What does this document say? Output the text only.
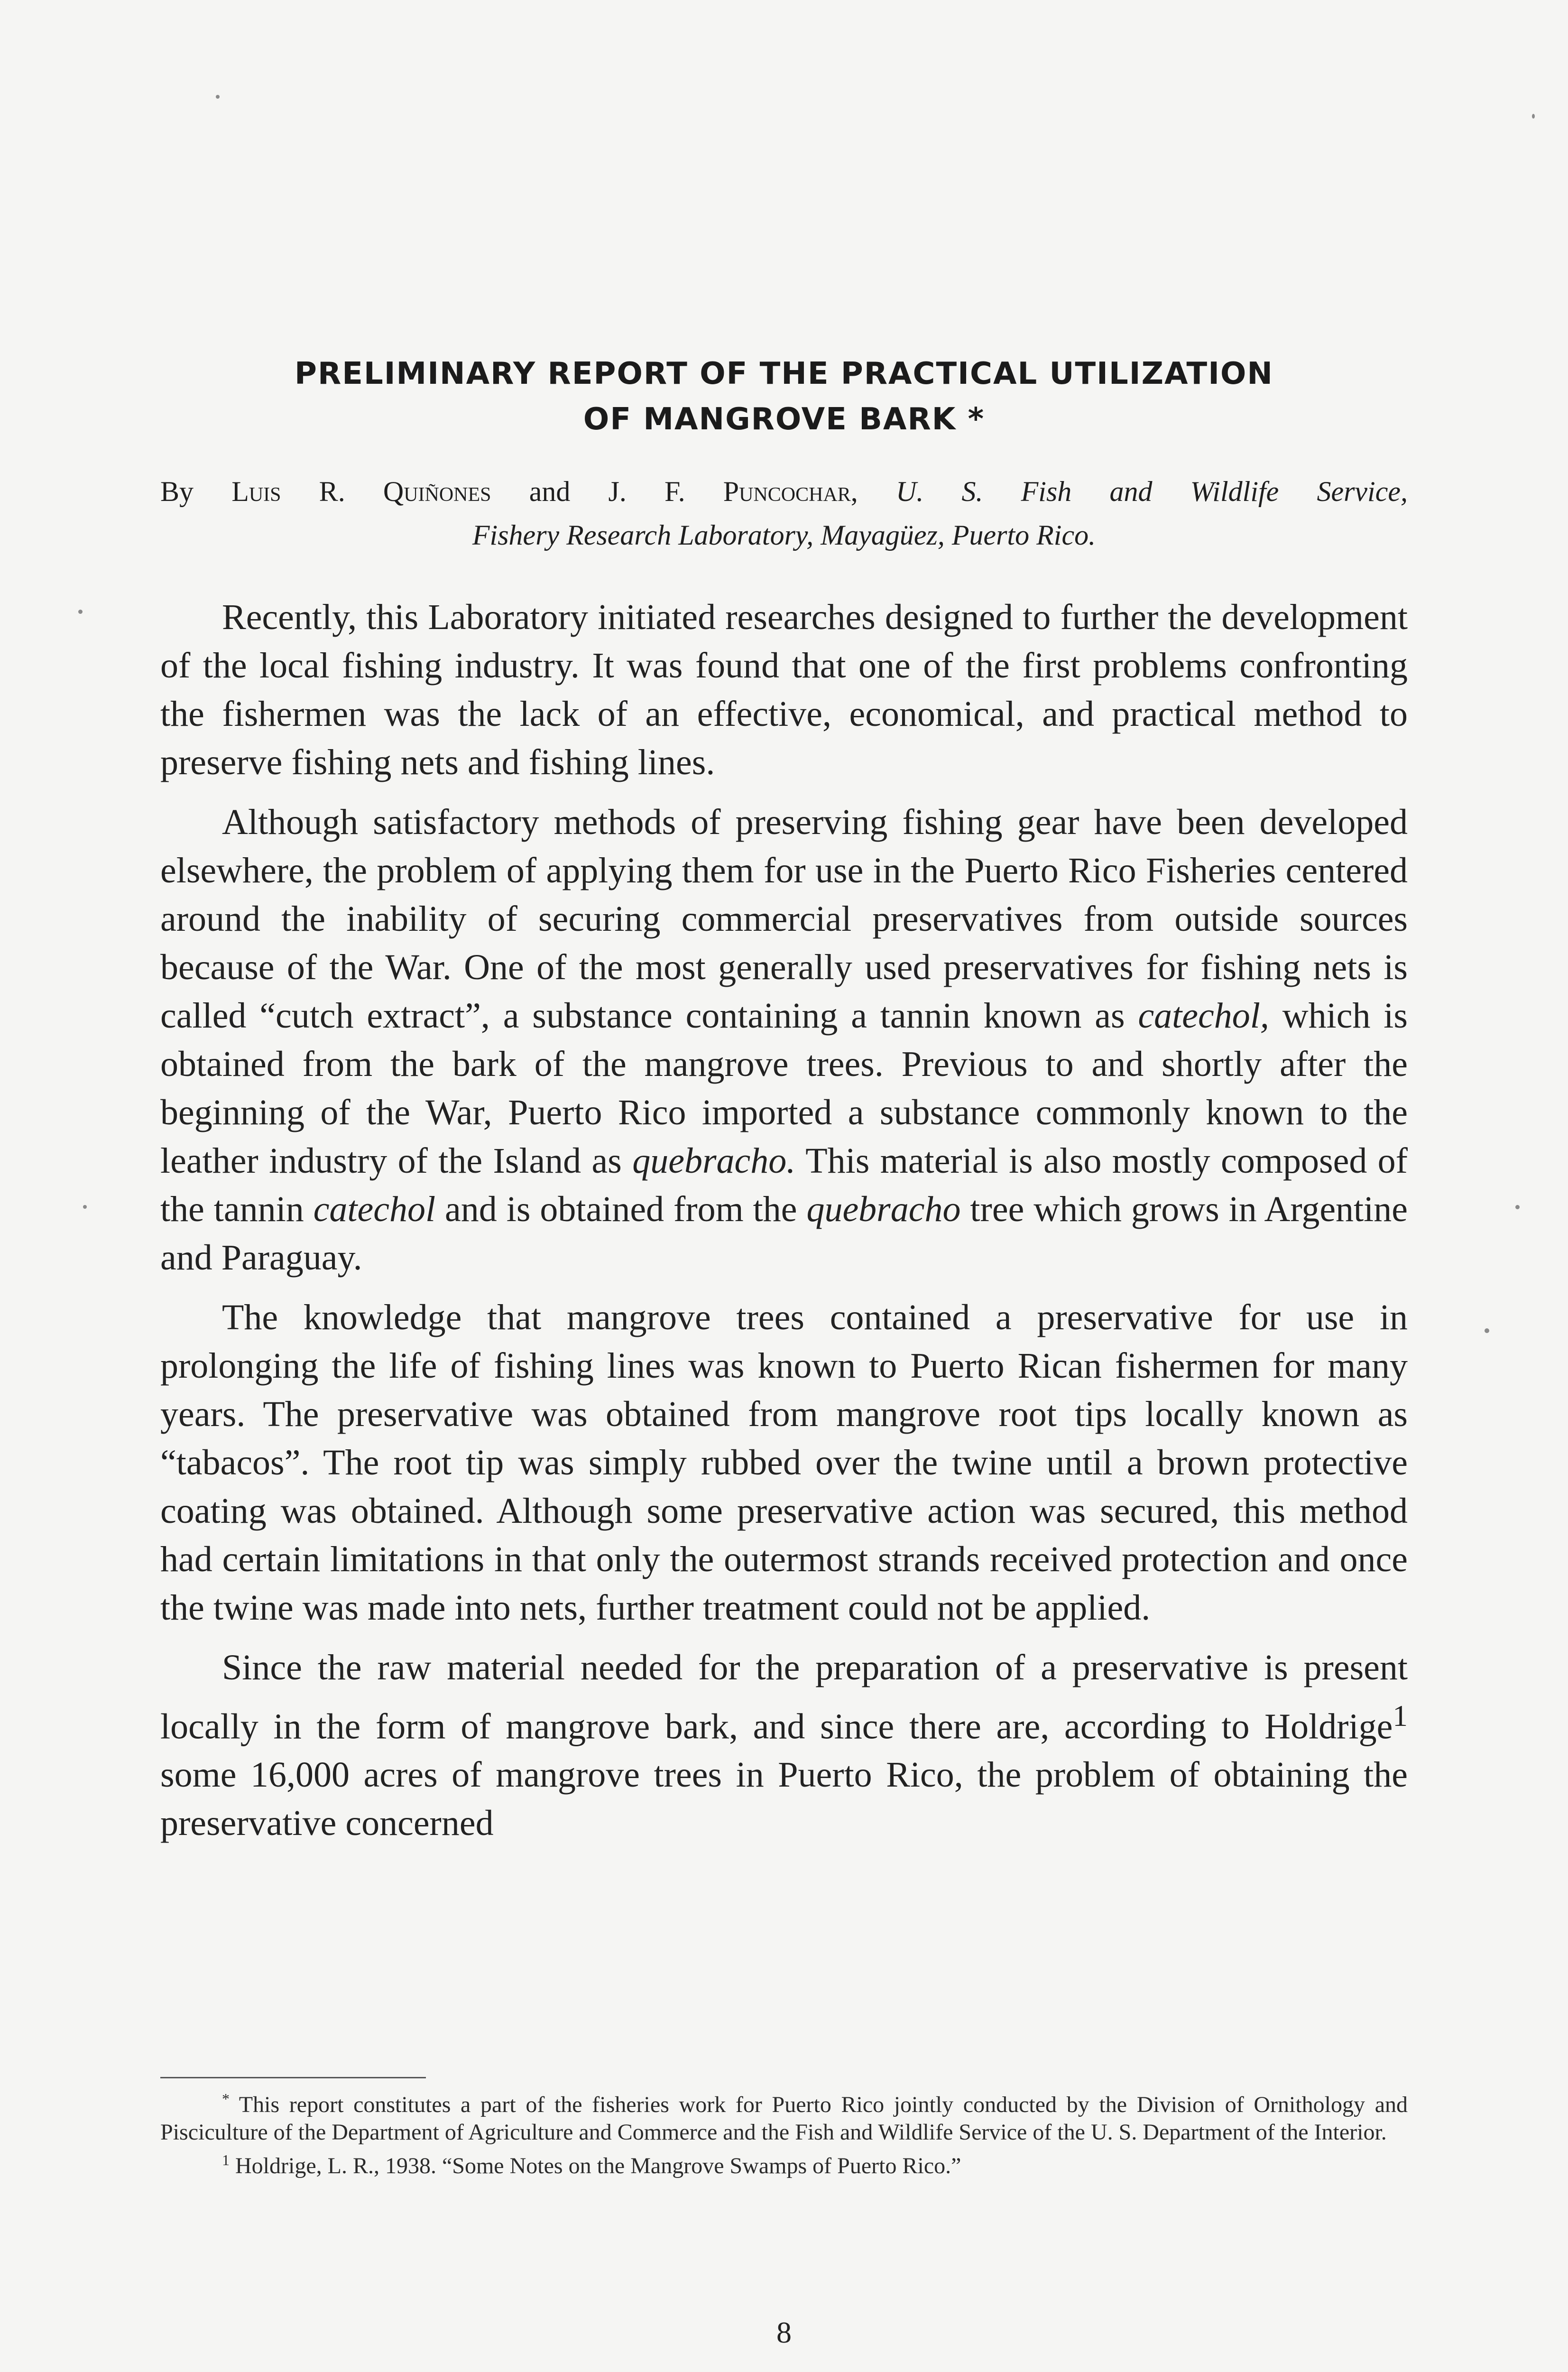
PRELIMINARY REPORT OF THE PRACTICAL UTILIZATION
OF MANGROVE BARK *
By Luis R. Quiñones and J. F. Puncochar, U. S. Fish and Wildlife Service,
Fishery Research Laboratory, Mayagüez, Puerto Rico.

Recently, this Laboratory initiated researches designed to further the development of the local fishing industry. It was found that one of the first problems confronting the fishermen was the lack of an effective, economical, and practical method to preserve fishing nets and fishing lines.

Although satisfactory methods of preserving fishing gear have been developed elsewhere, the problem of applying them for use in the Puerto Rico Fisheries centered around the inability of securing commercial preservatives from outside sources because of the War. One of the most generally used preservatives for fishing nets is called “cutch extract”, a substance containing a tannin known as catechol, which is obtained from the bark of the mangrove trees. Previous to and shortly after the beginning of the War, Puerto Rico imported a substance commonly known to the leather industry of the Island as quebracho. This material is also mostly composed of the tannin catechol and is obtained from the quebracho tree which grows in Argentine and Paraguay.

The knowledge that mangrove trees contained a preservative for use in prolonging the life of fishing lines was known to Puerto Rican fishermen for many years. The preservative was obtained from mangrove root tips locally known as “tabacos”. The root tip was simply rubbed over the twine until a brown protective coating was obtained. Although some preservative action was secured, this method had certain limitations in that only the outermost strands received protection and once the twine was made into nets, further treatment could not be applied.

Since the raw material needed for the preparation of a preservative is present locally in the form of mangrove bark, and since there are, according to Holdrige$^1$ some 16,000 acres of mangrove trees in Puerto Rico, the problem of obtaining the preservative concerned

* This report constitutes a part of the fisheries work for Puerto Rico jointly conducted by the Division of Ornithology and Pisciculture of the Department of Agriculture and Commerce and the Fish and Wildlife Service of the U. S. Department of the Interior.

$^1$ Holdrige, L. R., 1938. “Some Notes on the Mangrove Swamps of Puerto Rico.”

8
